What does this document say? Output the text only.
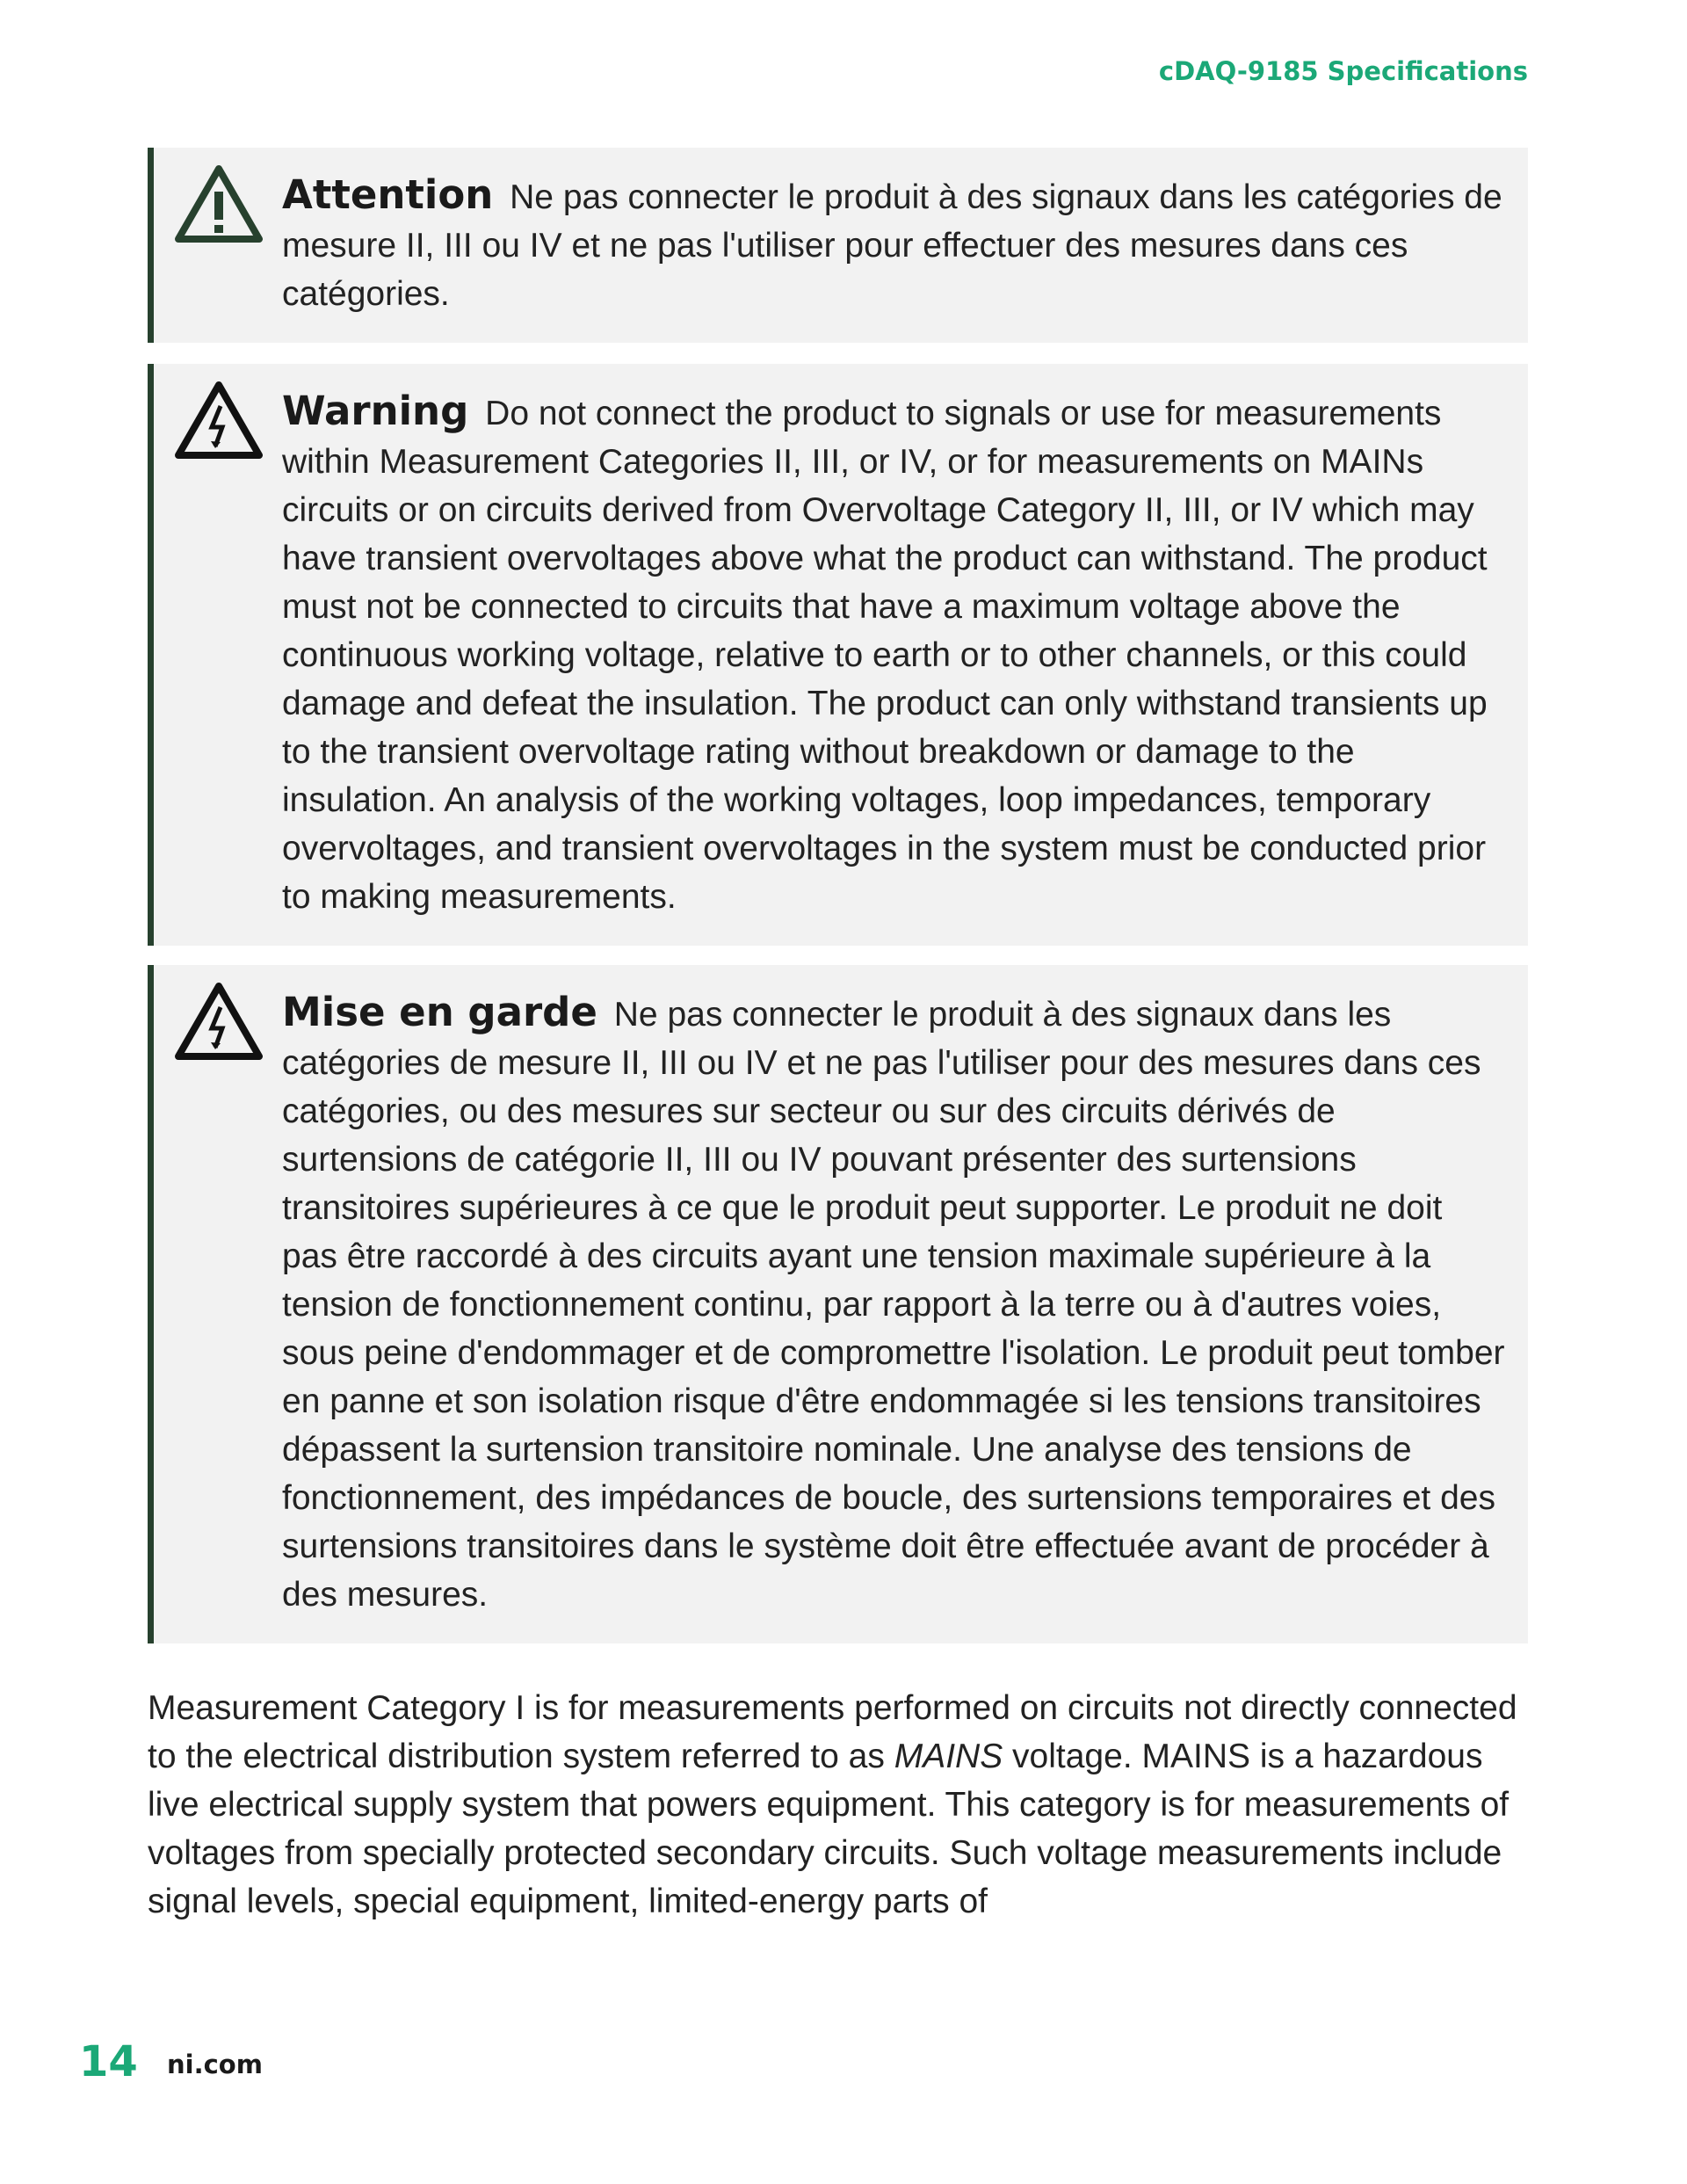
cDAQ-9185 Specifications
Attention Ne pas connecter le produit à des signaux dans les catégories de mesure II, III ou IV et ne pas l'utiliser pour effectuer des mesures dans ces catégories.
Warning Do not connect the product to signals or use for measurements within Measurement Categories II, III, or IV, or for measurements on MAINs circuits or on circuits derived from Overvoltage Category II, III, or IV which may have transient overvoltages above what the product can withstand. The product must not be connected to circuits that have a maximum voltage above the continuous working voltage, relative to earth or to other channels, or this could damage and defeat the insulation. The product can only withstand transients up to the transient overvoltage rating without breakdown or damage to the insulation. An analysis of the working voltages, loop impedances, temporary overvoltages, and transient overvoltages in the system must be conducted prior to making measurements.
Mise en garde Ne pas connecter le produit à des signaux dans les catégories de mesure II, III ou IV et ne pas l'utiliser pour des mesures dans ces catégories, ou des mesures sur secteur ou sur des circuits dérivés de surtensions de catégorie II, III ou IV pouvant présenter des surtensions transitoires supérieures à ce que le produit peut supporter. Le produit ne doit pas être raccordé à des circuits ayant une tension maximale supérieure à la tension de fonctionnement continu, par rapport à la terre ou à d'autres voies, sous peine d'endommager et de compromettre l'isolation. Le produit peut tomber en panne et son isolation risque d'être endommagée si les tensions transitoires dépassent la surtension transitoire nominale. Une analyse des tensions de fonctionnement, des impédances de boucle, des surtensions temporaires et des surtensions transitoires dans le système doit être effectuée avant de procéder à des mesures.
Measurement Category I is for measurements performed on circuits not directly connected to the electrical distribution system referred to as MAINS voltage. MAINS is a hazardous live electrical supply system that powers equipment. This category is for measurements of voltages from specially protected secondary circuits. Such voltage measurements include signal levels, special equipment, limited-energy parts of
14 ni.com
